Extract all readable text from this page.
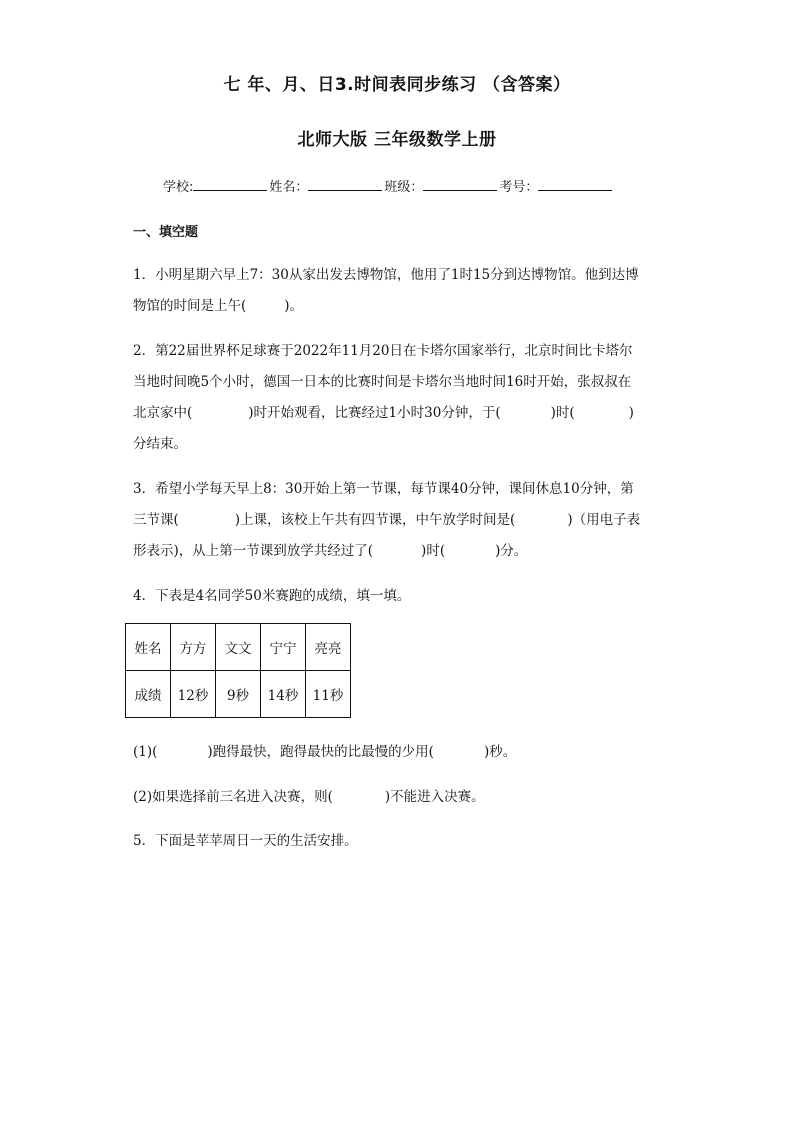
七 年、月、日3.时间表同步练习 （含答案）
北师大版 三年级数学上册
学校:	姓名：	班级：	考号：
一、填空题

1．小明星期六早上7：30从家出发去博物馆，他用了1时15分到达博物馆。他到达博

物馆的时间是上午(	)。

2．第22届世界杯足球赛于2022年11月20日在卡塔尔国家举行，北京时间比卡塔尔

当地时间晚5个小时，德国一日本的比赛时间是卡塔尔当地时间16时开始，张叔叔在

北京家中(	)时开始观看，比赛经过1小时30分钟，于(	)时(	)

分结束。

3．希望小学每天早上8：30开始上第一节课，每节课40分钟，课间休息10分钟，第

三节课(	)上课，该校上午共有四节课，中午放学时间是(	)（用电子表

形表示)，从上第一节课到放学共经过了(	)时(	)分。

4．下表是4名同学50米赛跑的成绩，填一填。

姓名	方方	文文	宁宁	亮亮
成绩	12秒	9秒	14秒	11秒

(1)(	)跑得最快，跑得最快的比最慢的少用(	)秒。

(2)如果选择前三名进入决赛，则(	)不能进入决赛。

5．下面是苹苹周日一天的生活安排。
